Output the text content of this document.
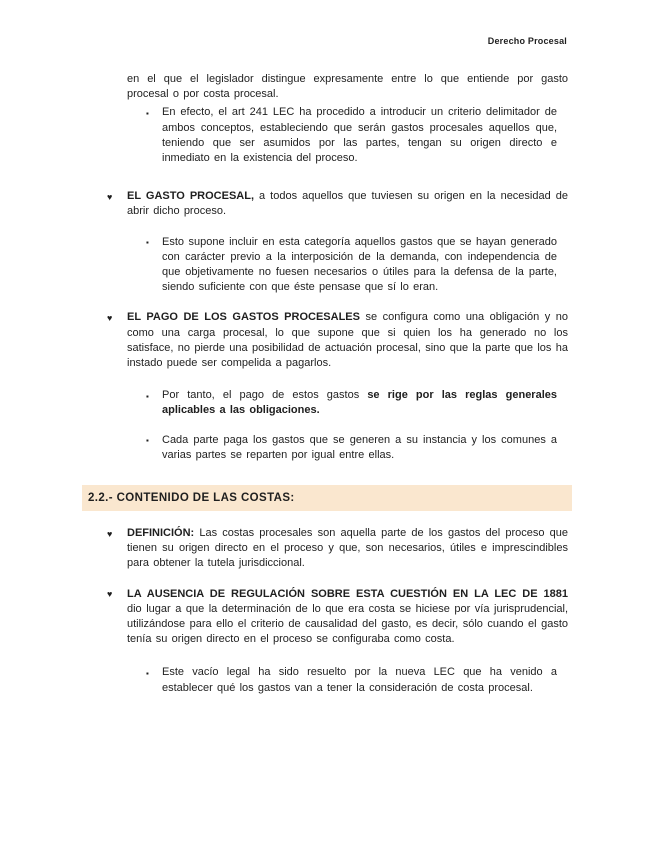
Derecho Procesal
en el que el legislador distingue expresamente entre lo que entiende por gasto procesal o por costa procesal.
▪	En efecto, el art 241 LEC ha procedido a introducir un criterio delimitador de ambos conceptos, estableciendo que serán gastos procesales aquellos que, teniendo que ser asumidos por las partes, tengan su origen directo e inmediato en la existencia del proceso.
♥	EL GASTO PROCESAL, a todos aquellos que tuviesen su origen en la necesidad de abrir dicho proceso.
▪	Esto supone incluir en esta categoría aquellos gastos que se hayan generado con carácter previo a la interposición de la demanda, con independencia de que objetivamente no fuesen necesarios o útiles para la defensa de la parte, siendo suficiente con que éste pensase que sí lo eran.
♥	EL PAGO DE LOS GASTOS PROCESALES se configura como una obligación y no como una carga procesal, lo que supone que si quien los ha generado no los satisface, no pierde una posibilidad de actuación procesal, sino que la parte que los ha instado puede ser compelida a pagarlos.
▪	Por tanto, el pago de estos gastos se rige por las reglas generales aplicables a las obligaciones.
▪	Cada parte paga los gastos que se generen a su instancia y los comunes a varias partes se reparten por igual entre ellas.
2.2.- CONTENIDO DE LAS COSTAS:
♥	DEFINICIÓN: Las costas procesales son aquella parte de los gastos del proceso que tienen su origen directo en el proceso y que, son necesarios, útiles e imprescindibles para obtener la tutela jurisdiccional.
♥	LA AUSENCIA DE REGULACIÓN SOBRE ESTA CUESTIÓN EN LA LEC DE 1881 dio lugar a que la determinación de lo que era costa se hiciese por vía jurisprudencial, utilizándose para ello el criterio de causalidad del gasto, es decir, sólo cuando el gasto tenía su origen directo en el proceso se configuraba como costa.
▪	Este vacío legal ha sido resuelto por la nueva LEC que ha venido a establecer qué los gastos van a tener la consideración de costa procesal.
